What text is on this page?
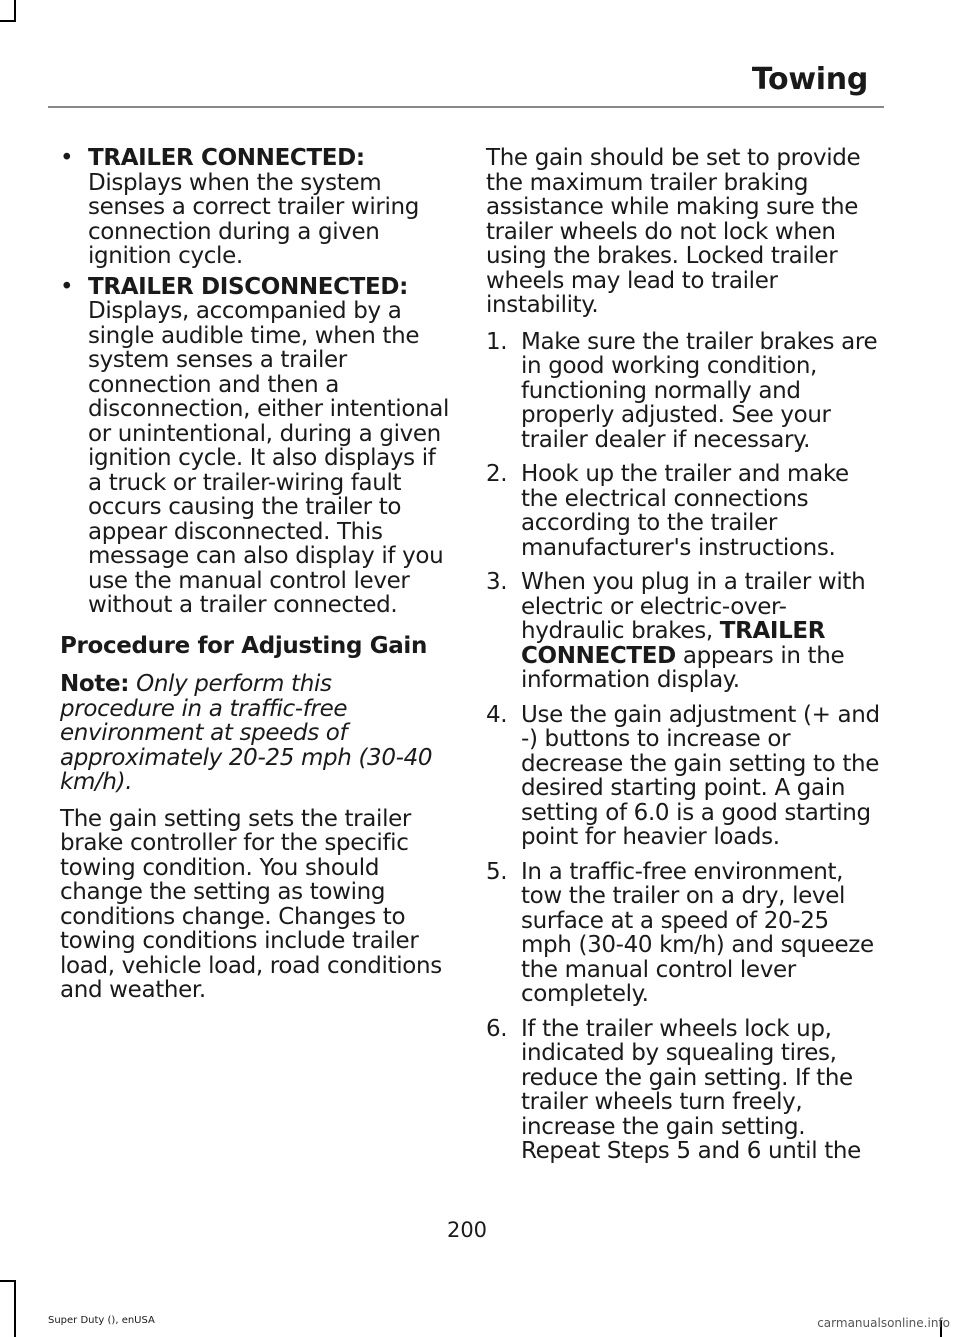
Towing
• TRAILER CONNECTED:
Displays when the system senses a correct trailer wiring connection during a given ignition cycle.
• TRAILER DISCONNECTED:
Displays, accompanied by a single audible time, when the system senses a trailer connection and then a disconnection, either intentional or unintentional, during a given ignition cycle. It also displays if a truck or trailer-wiring fault occurs causing the trailer to appear disconnected. This message can also display if you use the manual control lever without a trailer connected.
Procedure for Adjusting Gain

Note: Only perform this procedure in a traffic-free environment at speeds of approximately 20-25 mph (30-40 km/h).

The gain setting sets the trailer brake controller for the specific towing condition. You should change the setting as towing conditions change. Changes to towing conditions include trailer load, vehicle load, road conditions and weather.

The gain should be set to provide the maximum trailer braking assistance while making sure the trailer wheels do not lock when using the brakes. Locked trailer wheels may lead to trailer instability.

1. Make sure the trailer brakes are in good working condition, functioning normally and properly adjusted. See your trailer dealer if necessary.
2. Hook up the trailer and make the electrical connections according to the trailer manufacturer's instructions.
3. When you plug in a trailer with electric or electric-over-hydraulic brakes, TRAILER CONNECTED appears in the information display.
4. Use the gain adjustment (+ and -) buttons to increase or decrease the gain setting to the desired starting point. A gain setting of 6.0 is a good starting point for heavier loads.
5. In a traffic-free environment, tow the trailer on a dry, level surface at a speed of 20-25 mph (30-40 km/h) and squeeze the manual control lever completely.
6. If the trailer wheels lock up, indicated by squealing tires, reduce the gain setting. If the trailer wheels turn freely, increase the gain setting. Repeat Steps 5 and 6 until the
200
Super Duty (), enUSA	carmanualsonline.info
